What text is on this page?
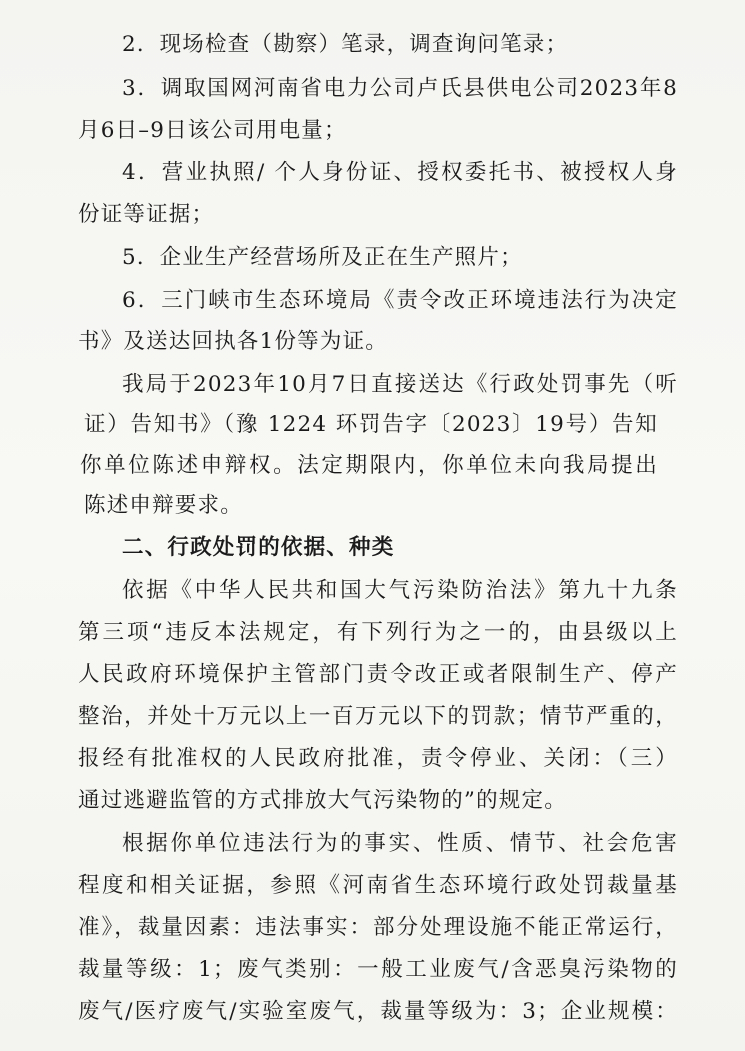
2．现场检查（勘察）笔录，调查询问笔录；
3．调取国网河南省电力公司卢氏县供电公司2023年8
月6日–9日该公司用电量；
4．营业执照/ 个人身份证、授权委托书、被授权人身
份证等证据；
5．企业生产经营场所及正在生产照片；
6．三门峡市生态环境局《责令改正环境违法行为决定
书》及送达回执各1份等为证。
我局于2023年10月7日直接送达《行政处罚事先（听
证）告知书》（豫 1224 环罚告字〔2023〕19号）告知
你单位陈述申辩权。法定期限内，你单位未向我局提出
陈述申辩要求。
二、行政处罚的依据、种类
依据《中华人民共和国大气污染防治法》第九十九条
第三项“违反本法规定，有下列行为之一的，由县级以上
人民政府环境保护主管部门责令改正或者限制生产、停产
整治，并处十万元以上一百万元以下的罚款；情节严重的，
报经有批准权的人民政府批准，责令停业、关闭：（三）
通过逃避监管的方式排放大气污染物的”的规定。
根据你单位违法行为的事实、性质、情节、社会危害
程度和相关证据，参照《河南省生态环境行政处罚裁量基
准》，裁量因素：违法事实：部分处理设施不能正常运行，
裁量等级：1；废气类别：一般工业废气/含恶臭污染物的
废气/医疗废气/实验室废气，裁量等级为：3；企业规模：
